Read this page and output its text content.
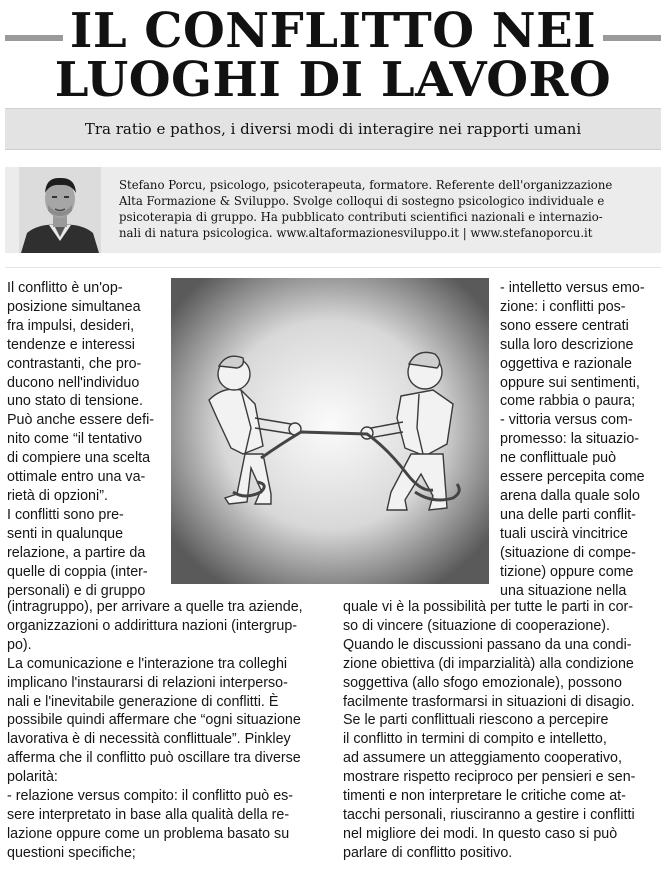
IL CONFLITTO NEI
LUOGHI DI LAVORO
Tra ratio e pathos, i diversi modi di interagire nei rapporti umani
Stefano Porcu, psicologo, psicoterapeuta, formatore. Referente dell'organizzazione
Alta Formazione & Sviluppo. Svolge colloqui di sostegno psicologico individuale e
psicoterapia di gruppo. Ha pubblicato contributi scientifici nazionali e internazio-
nali di natura psicologica. www.altaformazionesviluppo.it | www.stefanoporcu.it

Il conflitto è un'op-

posizione simultanea

fra impulsi, desideri,

tendenze e interessi

contrastanti, che pro-

ducono nell'individuo

uno stato di tensione.

Può anche essere defi-

nito come “il tentativo

di compiere una scelta

ottimale entro una va-

rietà di opzioni”.

I conflitti sono pre-

senti in qualunque

relazione, a partire da

quelle di coppia (inter-

personali) e di gruppo

- intelletto versus emo-

zione: i conflitti pos-

sono essere centrati

sulla loro descrizione

oggettiva e razionale

oppure sui sentimenti,

come rabbia o paura;

- vittoria versus com-

promesso: la situazio-

ne conflittuale può

essere percepita come

arena dalla quale solo

una delle parti conflit-

tuali uscirà vincitrice

(situazione di compe-

tizione) oppure come

una situazione nella

(intragruppo), per arrivare a quelle tra aziende,

organizzazioni o addirittura nazioni (intergrup-

po).

La comunicazione e l'interazione tra colleghi

implicano l'instaurarsi di relazioni interperso-

nali e l'inevitabile generazione di conflitti. È

possibile quindi affermare che “ogni situazione

lavorativa è di necessità conflittuale”. Pinkley

afferma che il conflitto può oscillare tra diverse

polarità:

- relazione versus compito: il conflitto può es-

sere interpretato in base alla qualità della re-

lazione oppure come un problema basato su

questioni specifiche;

quale vi è la possibilità per tutte le parti in cor-

so di vincere (situazione di cooperazione).

Quando le discussioni passano da una condi-

zione obiettiva (di imparzialità) alla condizione

soggettiva (allo sfogo emozionale), possono

facilmente trasformarsi in situazioni di disagio.

Se le parti conflittuali riescono a percepire

il conflitto in termini di compito e intelletto,

ad assumere un atteggiamento cooperativo,

mostrare rispetto reciproco per pensieri e sen-

timenti e non interpretare le critiche come at-

tacchi personali, riusciranno a gestire i conflitti

nel migliore dei modi. In questo caso si può

parlare di conflitto positivo.
